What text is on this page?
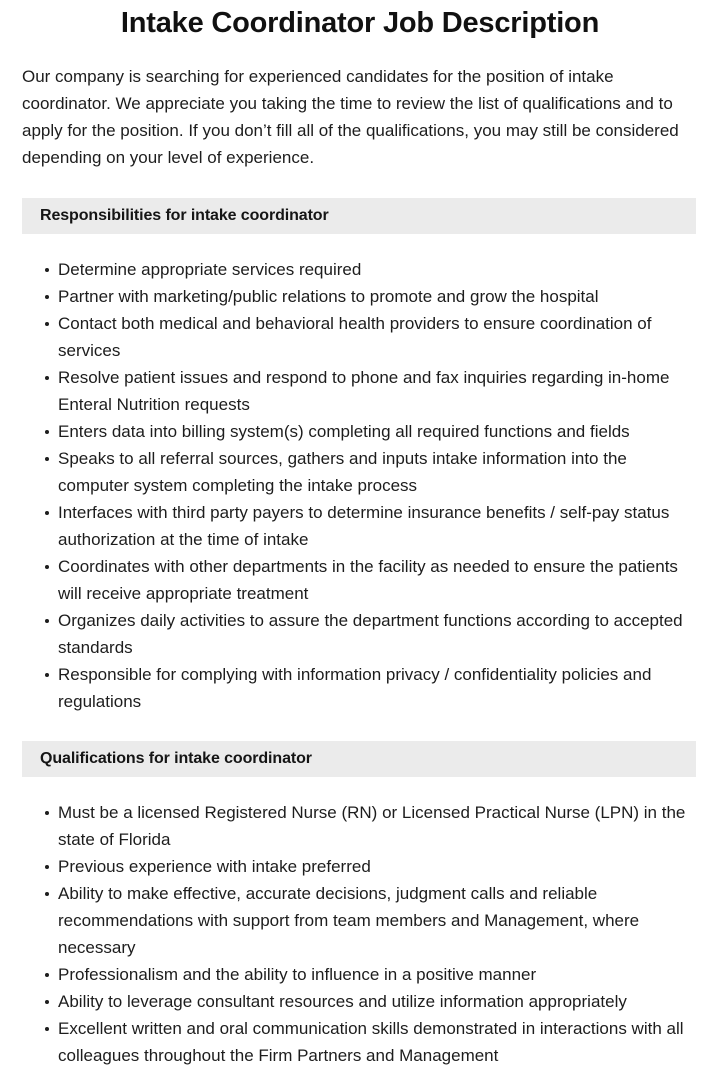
Intake Coordinator Job Description

Our company is searching for experienced candidates for the position of intake coordinator. We appreciate you taking the time to review the list of qualifications and to apply for the position. If you don’t fill all of the qualifications, you may still be considered depending on your level of experience.

Responsibilities for intake coordinator
Determine appropriate services required
Partner with marketing/public relations to promote and grow the hospital
Contact both medical and behavioral health providers to ensure coordination of services
Resolve patient issues and respond to phone and fax inquiries regarding in-home Enteral Nutrition requests
Enters data into billing system(s) completing all required functions and fields
Speaks to all referral sources, gathers and inputs intake information into the computer system completing the intake process
Interfaces with third party payers to determine insurance benefits / self-pay status authorization at the time of intake
Coordinates with other departments in the facility as needed to ensure the patients will receive appropriate treatment
Organizes daily activities to assure the department functions according to accepted standards
Responsible for complying with information privacy / confidentiality policies and regulations
Qualifications for intake coordinator
Must be a licensed Registered Nurse (RN) or Licensed Practical Nurse (LPN) in the state of Florida
Previous experience with intake preferred
Ability to make effective, accurate decisions, judgment calls and reliable recommendations with support from team members and Management, where necessary
Professionalism and the ability to influence in a positive manner
Ability to leverage consultant resources and utilize information appropriately
Excellent written and oral communication skills demonstrated in interactions with all colleagues throughout the Firm Partners and Management
